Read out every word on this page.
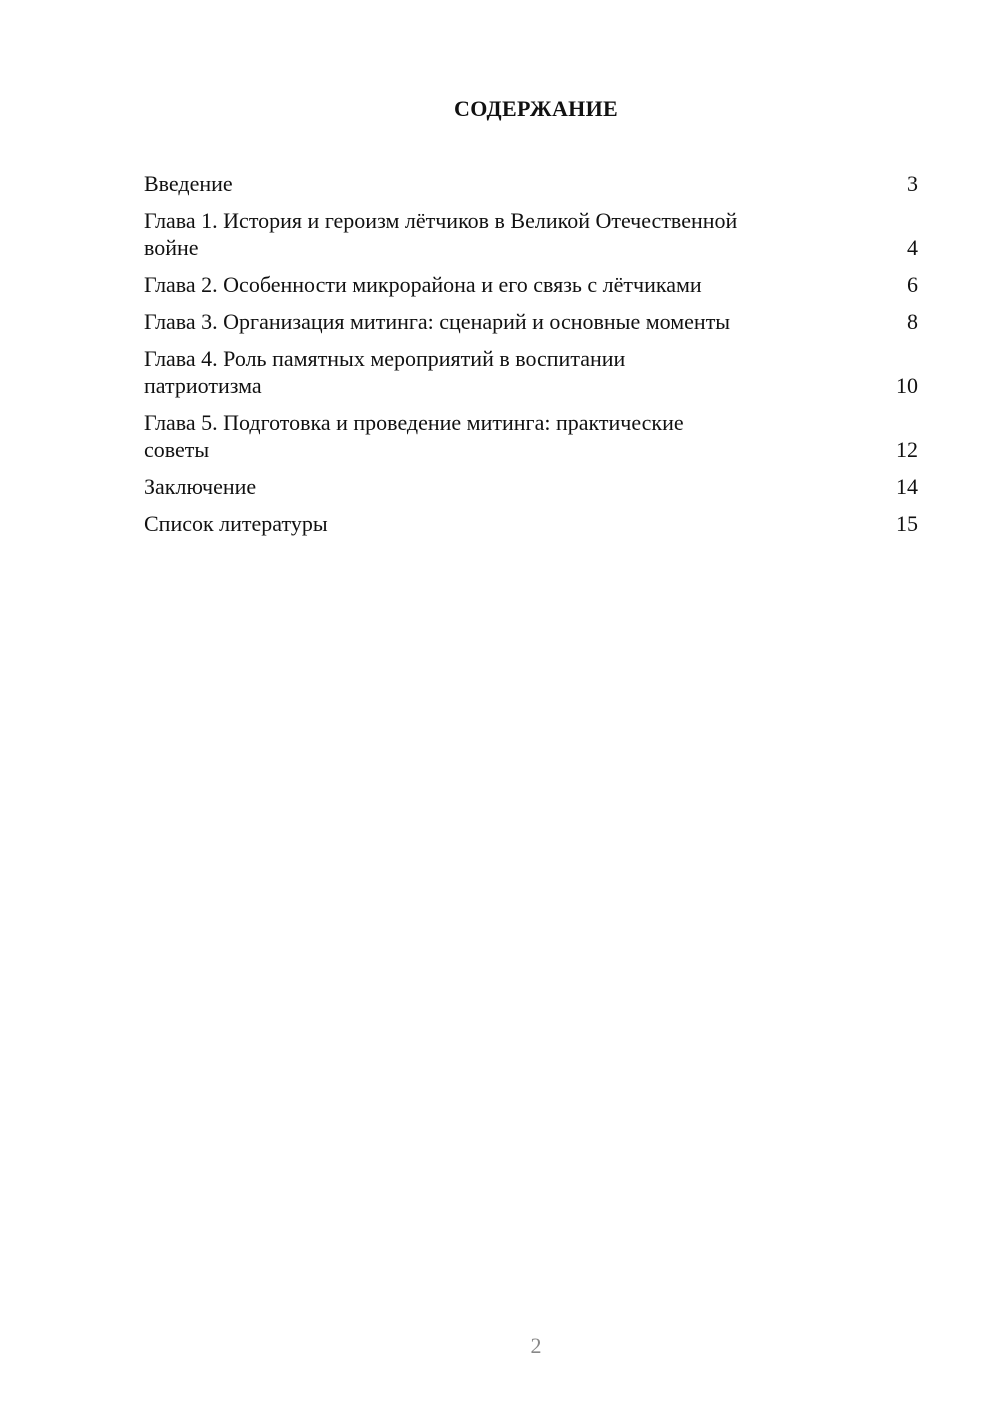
СОДЕРЖАНИЕ
Введение	3
Глава 1. История и героизм лётчиков в Великой Отечественной
войне	4
Глава 2. Особенности микрорайона и его связь с лётчиками	6
Глава 3. Организация митинга: сценарий и основные моменты	8
Глава 4. Роль памятных мероприятий в воспитании
патриотизма	10
Глава 5. Подготовка и проведение митинга: практические
советы	12
Заключение	14
Список литературы	15
2
